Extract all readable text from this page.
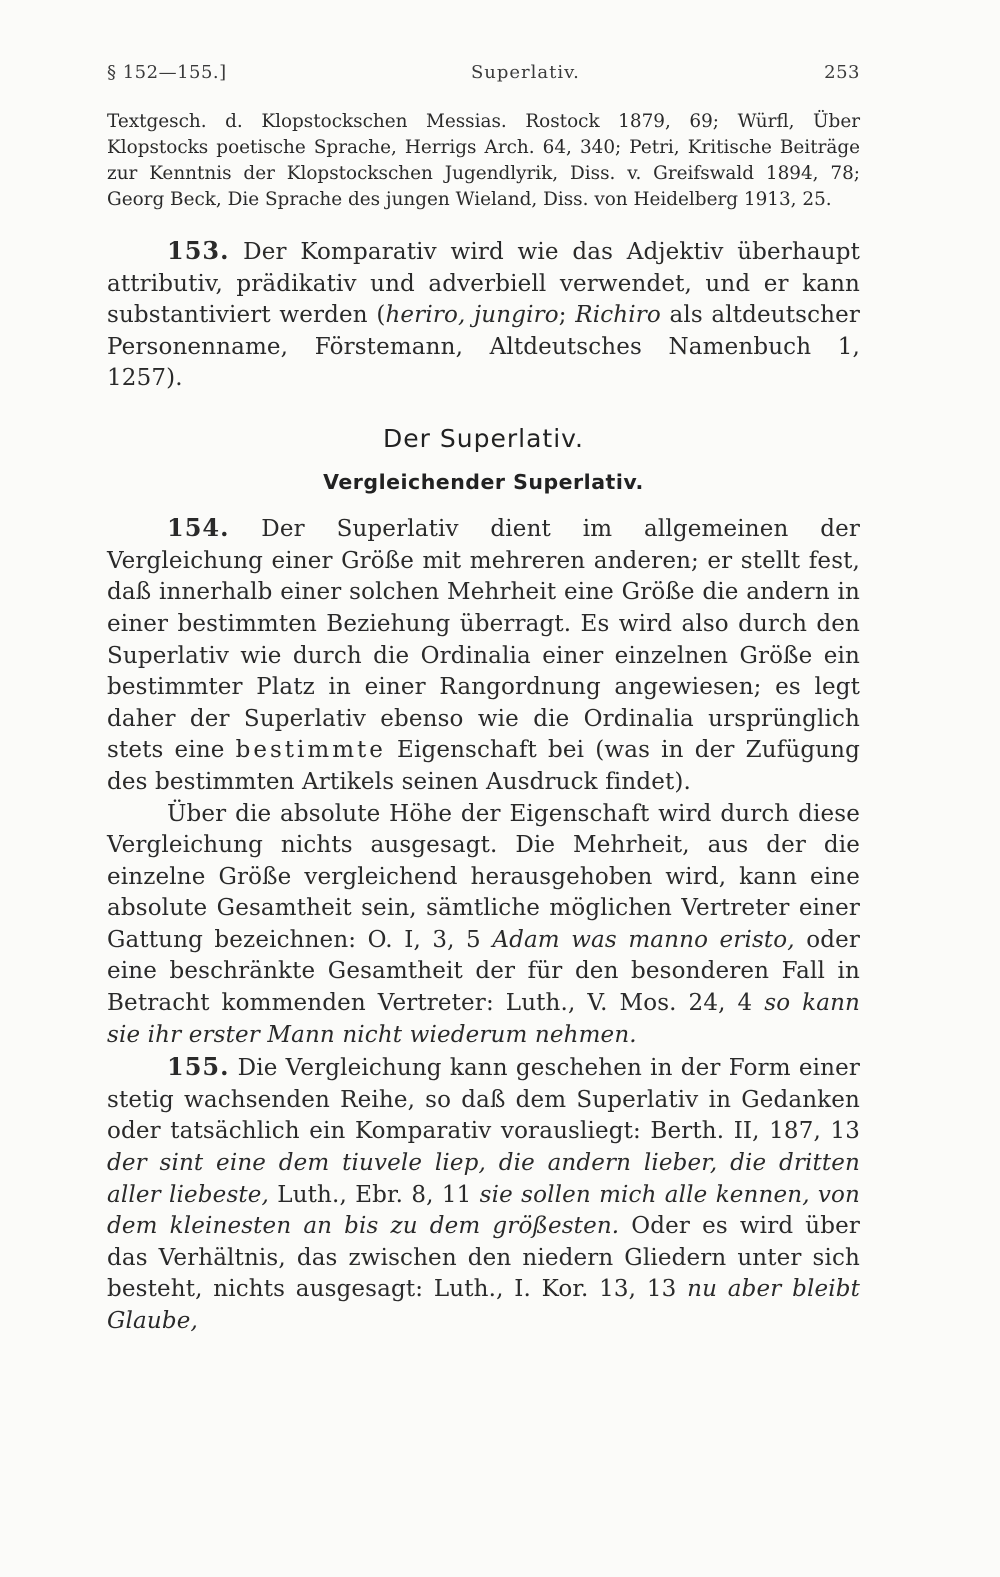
§ 152—155.]	Superlativ.	253
Textgesch. d. Klopstockschen Messias. Rostock 1879, 69; Würfl, Über Klopstocks poetische Sprache, Herrigs Arch. 64, 340; Petri, Kritische Beiträge zur Kenntnis der Klopstockschen Jugendlyrik, Diss. v. Greifswald 1894, 78; Georg Beck, Die Sprache des jungen Wieland, Diss. von Heidelberg 1913, 25.

153. Der Komparativ wird wie das Adjektiv überhaupt attributiv, prädikativ und adverbiell verwendet, und er kann substantiviert werden (heriro, jungiro; Richiro als altdeutscher Personenname, Förstemann, Altdeutsches Namenbuch 1, 1257).

Der Superlativ.
Vergleichender Superlativ.

154. Der Superlativ dient im allgemeinen der Vergleichung einer Größe mit mehreren anderen; er stellt fest, daß innerhalb einer solchen Mehrheit eine Größe die andern in einer bestimmten Beziehung überragt. Es wird also durch den Superlativ wie durch die Ordinalia einer einzelnen Größe ein bestimmter Platz in einer Rangordnung angewiesen; es legt daher der Superlativ ebenso wie die Ordinalia ursprünglich stets eine bestimmte Eigenschaft bei (was in der Zufügung des bestimmten Artikels seinen Ausdruck findet).

Über die absolute Höhe der Eigenschaft wird durch diese Vergleichung nichts ausgesagt. Die Mehrheit, aus der die einzelne Größe vergleichend herausgehoben wird, kann eine absolute Gesamtheit sein, sämtliche möglichen Vertreter einer Gattung bezeichnen: O. I, 3, 5 Adam was manno eristo, oder eine beschränkte Gesamtheit der für den besonderen Fall in Betracht kommenden Vertreter: Luth., V. Mos. 24, 4 so kann sie ihr erster Mann nicht wiederum nehmen.

155. Die Vergleichung kann geschehen in der Form einer stetig wachsenden Reihe, so daß dem Superlativ in Gedanken oder tatsächlich ein Komparativ vorausliegt: Berth. II, 187, 13 der sint eine dem tiuvele liep, die andern lieber, die dritten aller liebeste, Luth., Ebr. 8, 11 sie sollen mich alle kennen, von dem kleinesten an bis zu dem größesten. Oder es wird über das Verhältnis, das zwischen den niedern Gliedern unter sich besteht, nichts ausgesagt: Luth., I. Kor. 13, 13 nu aber bleibt Glaube,
